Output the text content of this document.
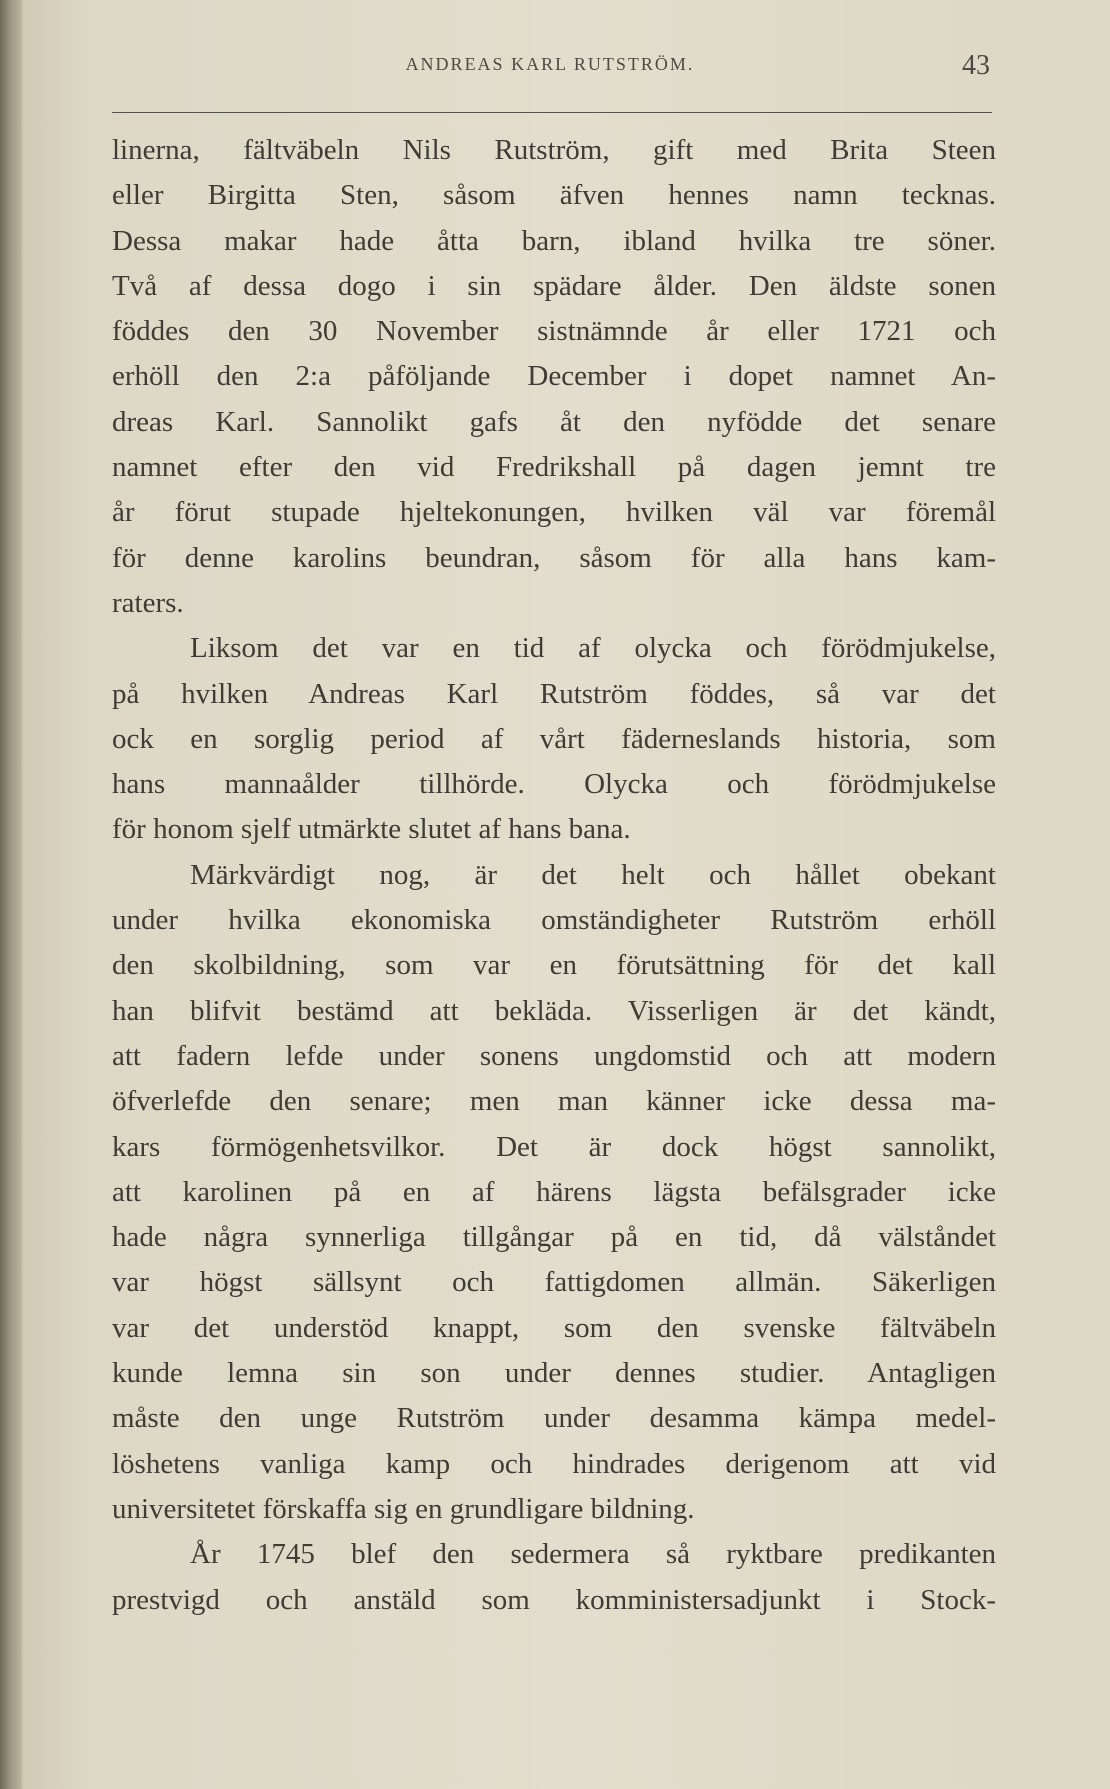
ANDREAS KARL RUTSTRÖM.	43
linerna, fältväbeln Nils Rutström, gift med Brita Steen
eller Birgitta Sten, såsom äfven hennes namn tecknas.
Dessa makar hade åtta barn, ibland hvilka tre söner.
Två af dessa dogo i sin spädare ålder. Den äldste sonen
föddes den 30 November sistnämnde år eller 1721 och
erhöll den 2:a påföljande December i dopet namnet An-
dreas Karl. Sannolikt gafs åt den nyfödde det senare
namnet efter den vid Fredrikshall på dagen jemnt tre
år förut stupade hjeltekonungen, hvilken väl var föremål
för denne karolins beundran, såsom för alla hans kam-
raters.
Liksom det var en tid af olycka och förödmjukelse,
på hvilken Andreas Karl Rutström föddes, så var det
ock en sorglig period af vårt fäderneslands historia, som
hans mannaålder tillhörde. Olycka och förödmjukelse
för honom sjelf utmärkte slutet af hans bana.
Märkvärdigt nog, är det helt och hållet obekant
under hvilka ekonomiska omständigheter Rutström erhöll
den skolbildning, som var en förutsättning för det kall
han blifvit bestämd att bekläda. Visserligen är det kändt,
att fadern lefde under sonens ungdomstid och att modern
öfverlefde den senare; men man känner icke dessa ma-
kars förmögenhetsvilkor. Det är dock högst sannolikt,
att karolinen på en af härens lägsta befälsgrader icke
hade några synnerliga tillgångar på en tid, då välståndet
var högst sällsynt och fattigdomen allmän. Säkerligen
var det understöd knappt, som den svenske fältväbeln
kunde lemna sin son under dennes studier. Antagligen
måste den unge Rutström under desamma kämpa medel-
löshetens vanliga kamp och hindrades derigenom att vid
universitetet förskaffa sig en grundligare bildning.
År 1745 blef den sedermera så ryktbare predikanten
prestvigd och anstäld som komministersadjunkt i Stock-
